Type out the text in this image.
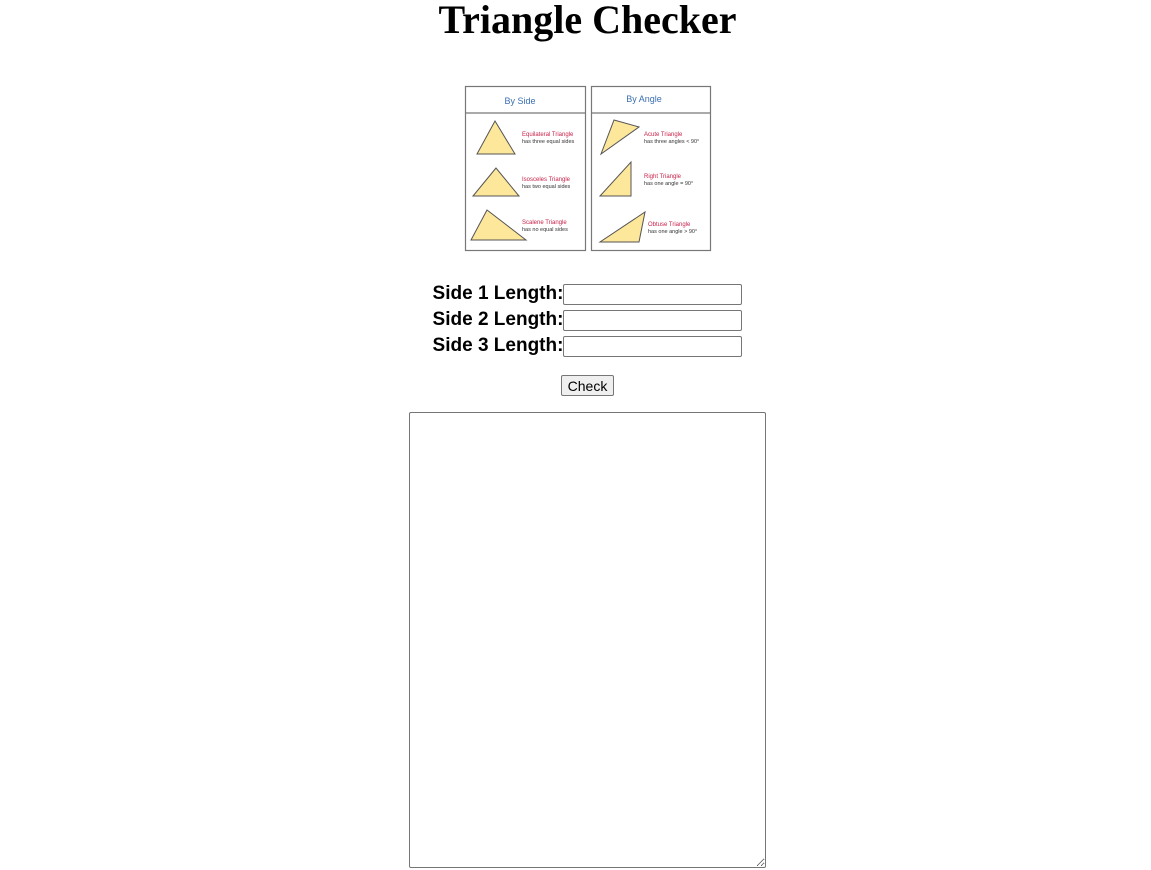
Triangle Checker
By Side
Equilateral Triangle
has three equal sides
Isosceles Triangle
has two equal sides
Scalene Triangle
has no equal sides
By Angle
Acute Triangle
has three angles < 90°
Right Triangle
has one angle = 90°
Obtuse Triangle
has one angle > 90°
Side 1 Length:
Side 2 Length:
Side 3 Length:
Check
